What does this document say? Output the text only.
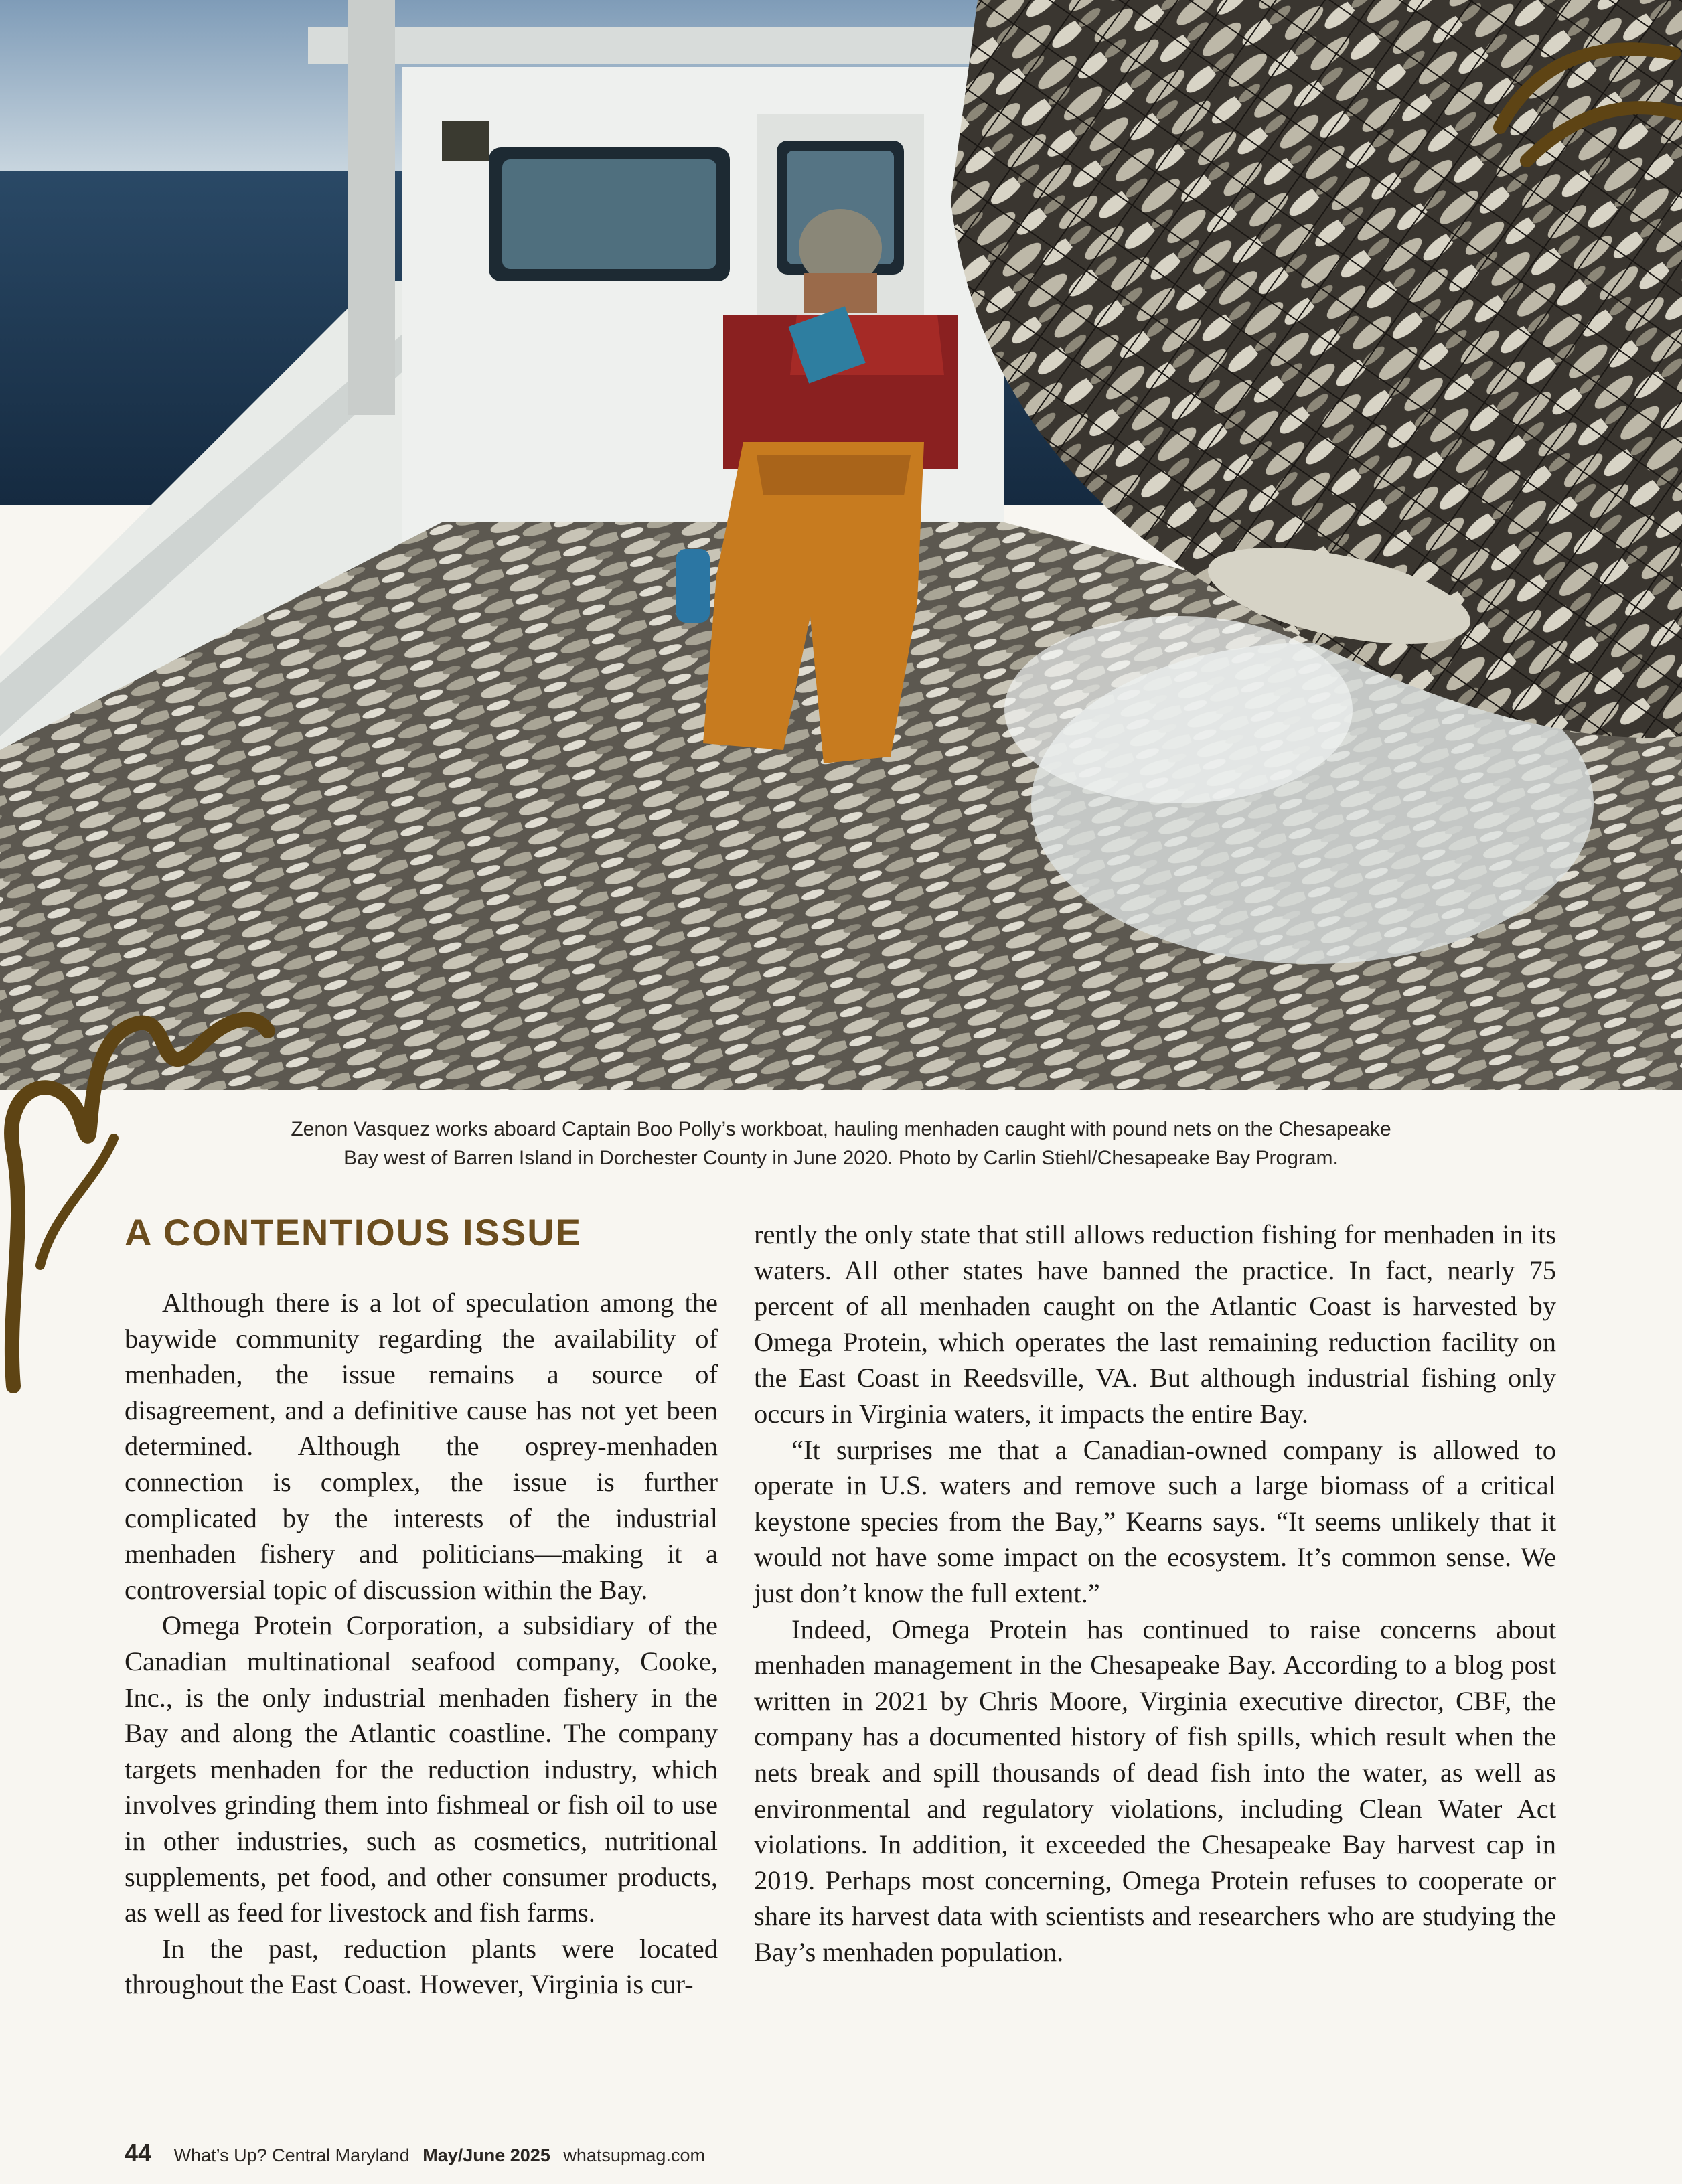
Zenon Vasquez works aboard Captain Boo Polly’s workboat, hauling menhaden caught with pound nets on the Chesapeake
Bay west of Barren Island in Dorchester County in June 2020. Photo by Carlin Stiehl/Chesapeake Bay Program.
A CONTENTIOUS ISSUE

Although there is a lot of speculation among the baywide community regarding the availability of menhaden, the issue remains a source of disagreement, and a definitive cause has not yet been determined. Although the osprey-menhaden connection is complex, the issue is further complicated by the interests of the industrial menhaden fishery and politicians—making it a controversial topic of discussion within the Bay.

Omega Protein Corporation, a subsidiary of the Canadian multinational seafood company, Cooke, Inc., is the only industrial menhaden fishery in the Bay and along the Atlantic coastline. The company targets menhaden for the reduction industry, which involves grinding them into fishmeal or fish oil to use in other industries, such as cosmetics, nutritional supplements, pet food, and other consumer products, as well as feed for livestock and fish farms.

In the past, reduction plants were located throughout the East Coast. However, Virginia is cur-

rently the only state that still allows reduction fishing for menhaden in its waters. All other states have banned the practice. In fact, nearly 75 percent of all menhaden caught on the Atlantic Coast is harvested by Omega Protein, which operates the last remaining reduction facility on the East Coast in Reedsville, VA. But although industrial fishing only occurs in Virginia waters, it impacts the entire Bay.

“It surprises me that a Canadian-owned company is allowed to operate in U.S. waters and remove such a large biomass of a critical keystone species from the Bay,” Kearns says. “It seems unlikely that it would not have some impact on the ecosystem. It’s common sense. We just don’t know the full extent.”

Indeed, Omega Protein has continued to raise concerns about menhaden management in the Chesapeake Bay. According to a blog post written in 2021 by Chris Moore, Virginia executive director, CBF, the company has a documented history of fish spills, which result when the nets break and spill thousands of dead fish into the water, as well as environmental and regulatory violations, including Clean Water Act violations. In addition, it exceeded the Chesapeake Bay harvest cap in 2019. Perhaps most concerning, Omega Protein refuses to cooperate or share its harvest data with scientists and researchers who are studying the Bay’s menhaden population.

44 What’s Up? Central Maryland May/June 2025 whatsupmag.com
